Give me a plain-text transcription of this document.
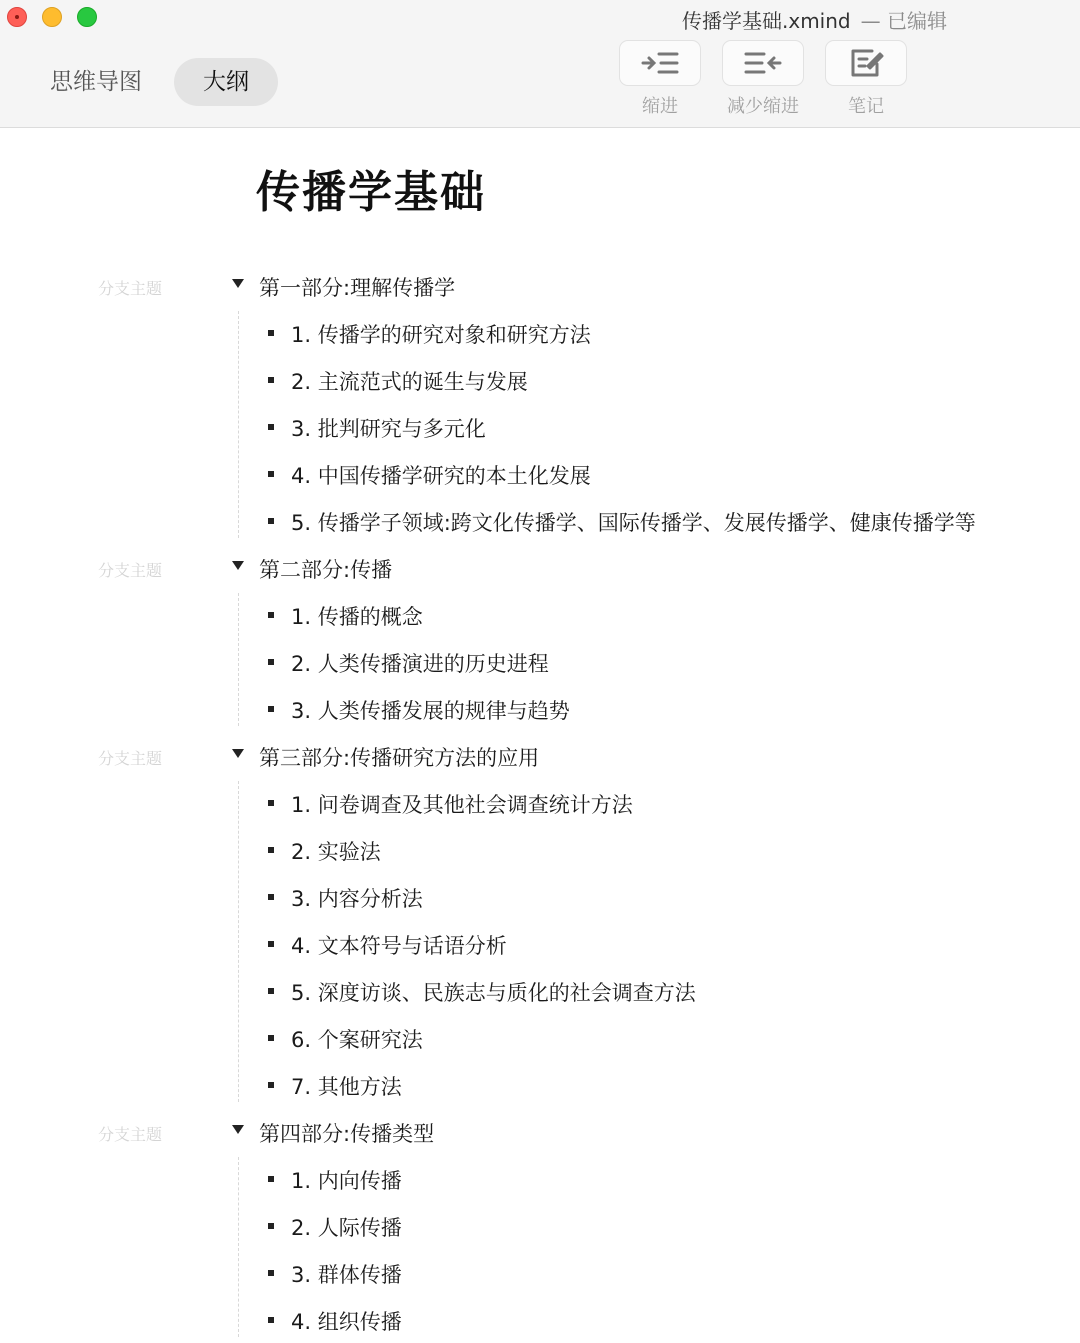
传播学基础.xmind — 已编辑
思维导图	大纲
缩进	减少缩进	笔记
传播学基础
分支主题	第一部分:理解传播学
1. 传播学的研究对象和研究方法
2. 主流范式的诞生与发展
3. 批判研究与多元化
4. 中国传播学研究的本土化发展
5. 传播学子领域:跨文化传播学、国际传播学、发展传播学、健康传播学等
分支主题	第二部分:传播
1. 传播的概念
2. 人类传播演进的历史进程
3. 人类传播发展的规律与趋势
分支主题	第三部分:传播研究方法的应用
1. 问卷调查及其他社会调查统计方法
2. 实验法
3. 内容分析法
4. 文本符号与话语分析
5. 深度访谈、民族志与质化的社会调查方法
6. 个案研究法
7. 其他方法
分支主题	第四部分:传播类型
1. 内向传播
2. 人际传播
3. 群体传播
4. 组织传播
